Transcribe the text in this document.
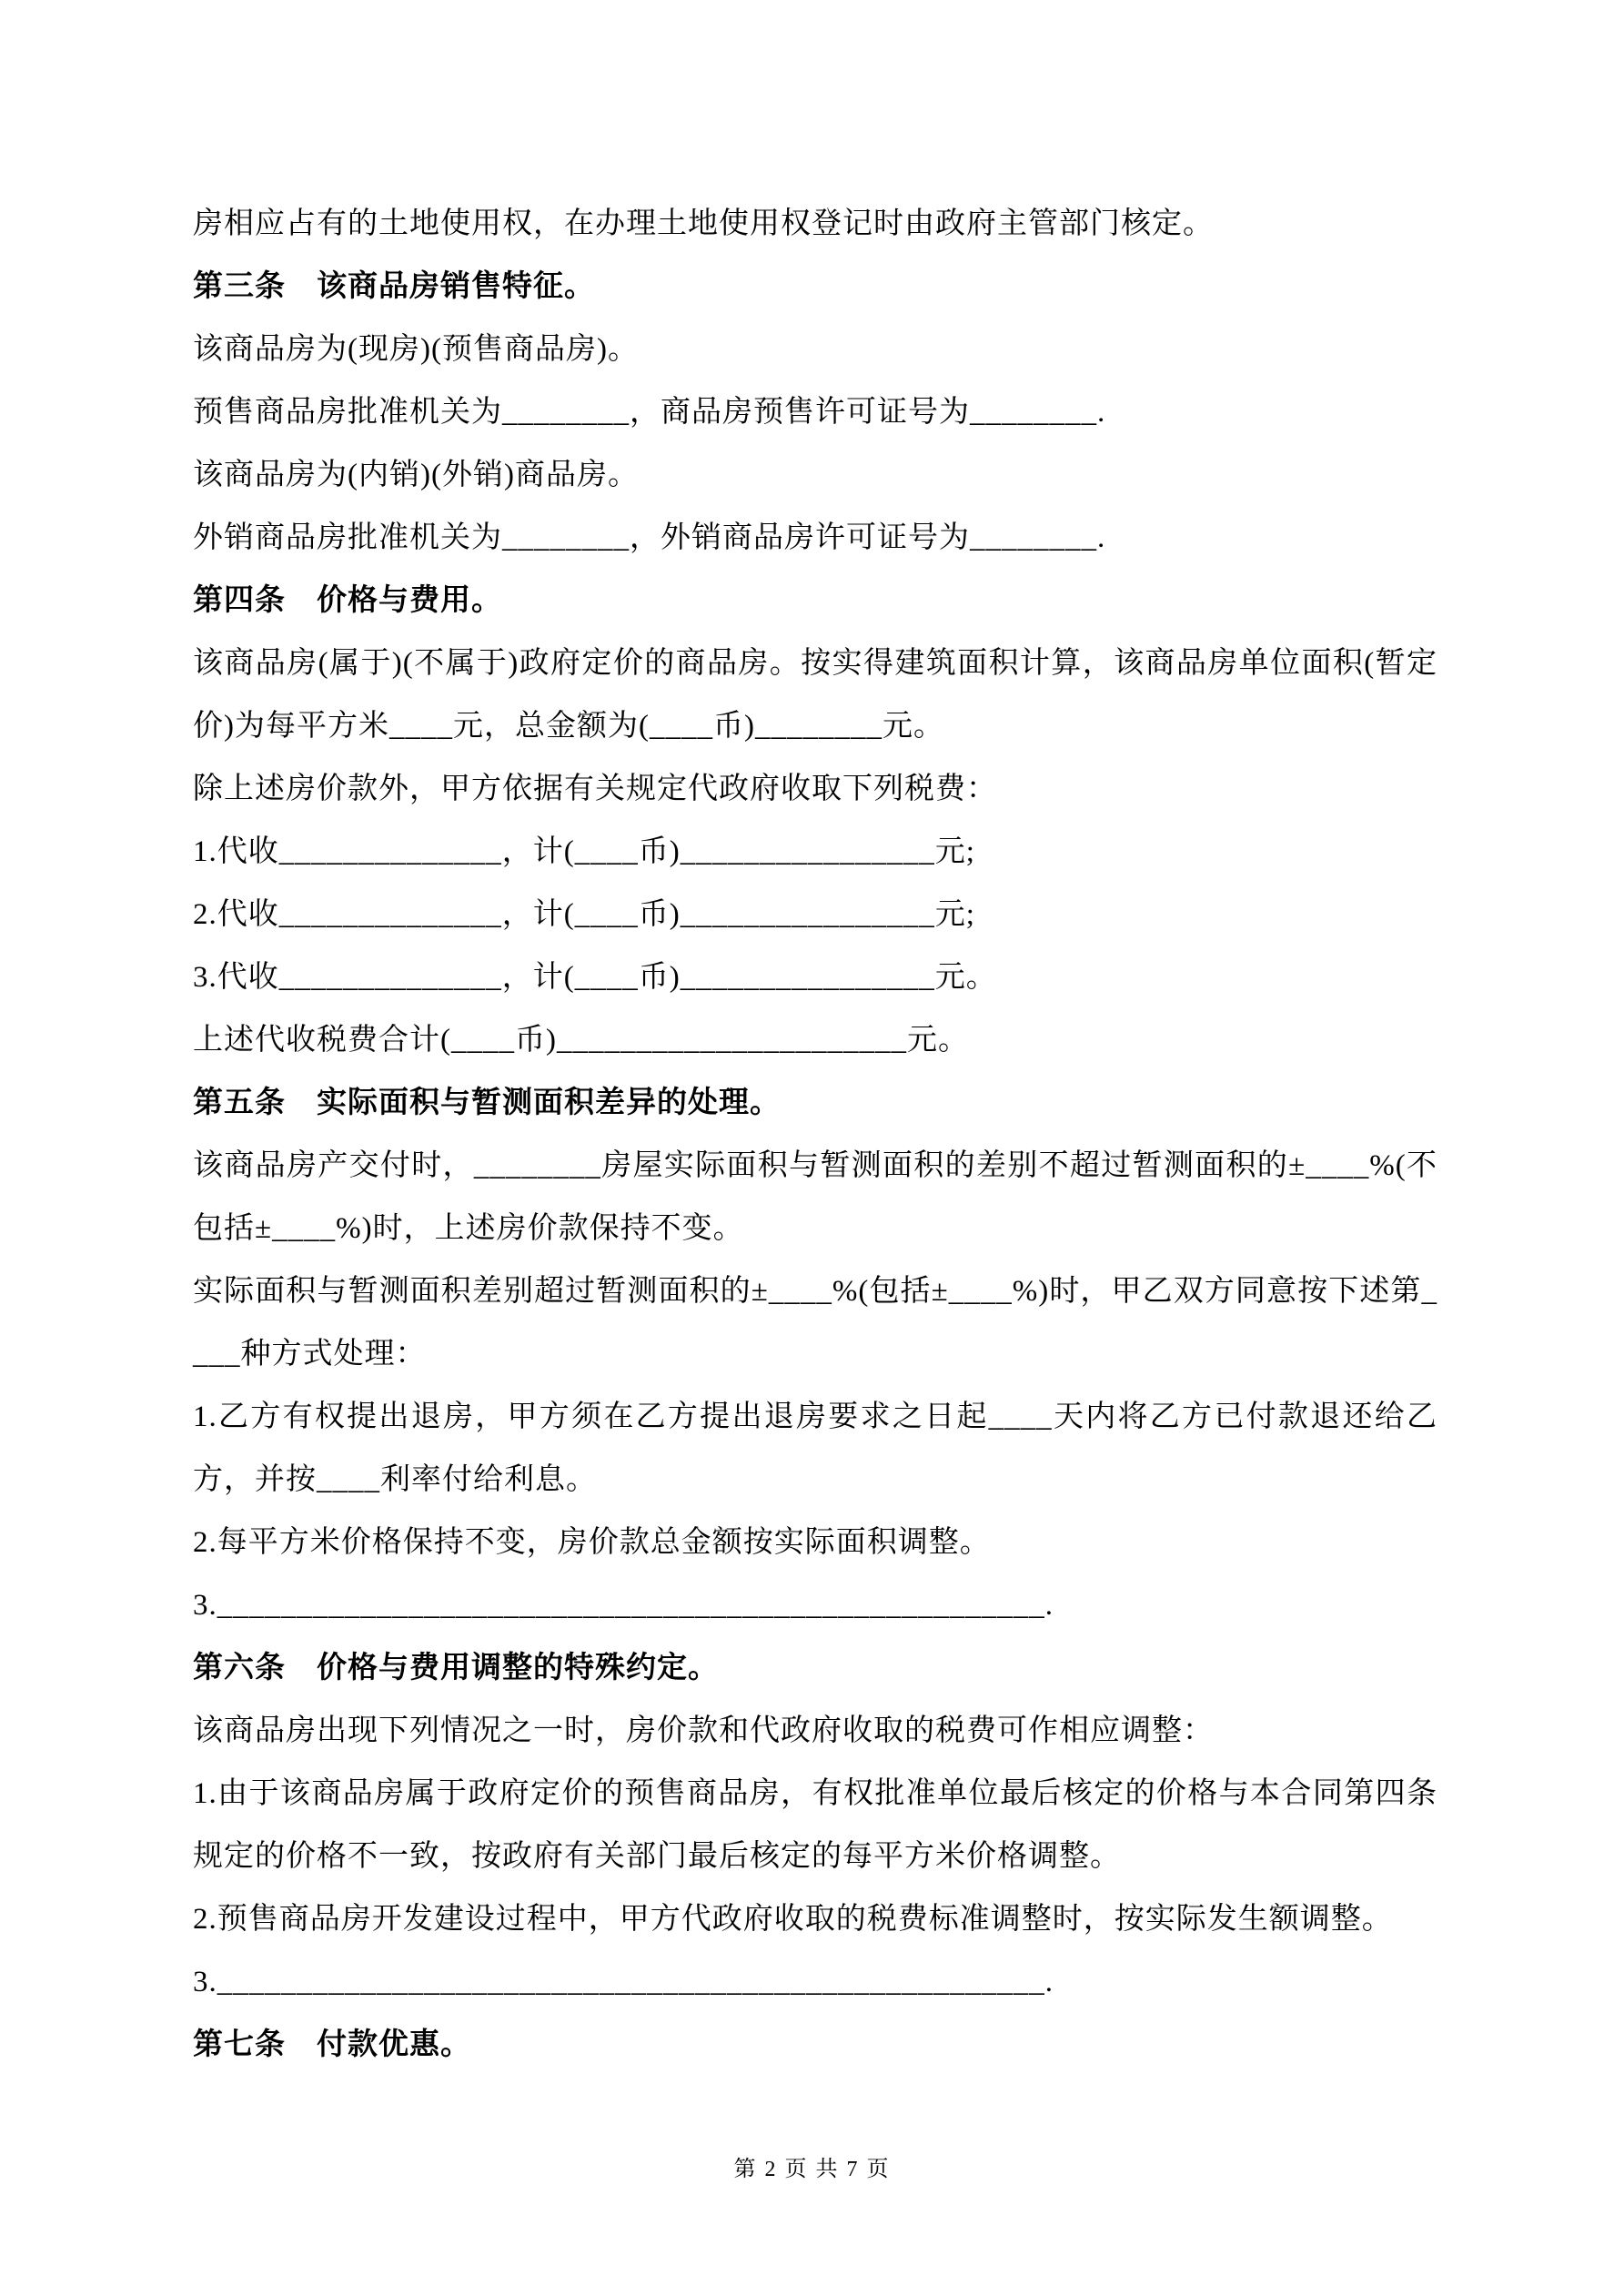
房相应占有的土地使用权，在办理土地使用权登记时由政府主管部门核定。

第三条　该商品房销售特征。

该商品房为(现房)(预售商品房)。

预售商品房批准机关为________，商品房预售许可证号为________.

该商品房为(内销)(外销)商品房。

外销商品房批准机关为________，外销商品房许可证号为________.

第四条　价格与费用。

该商品房(属于)(不属于)政府定价的商品房。按实得建筑面积计算，该商品房单位面积(暂定价)为每平方米____元，总金额为(____币)________元。

除上述房价款外，甲方依据有关规定代政府收取下列税费：

1.代收______________，计(____币)________________元;

2.代收______________，计(____币)________________元;

3.代收______________，计(____币)________________元。

上述代收税费合计(____币)______________________元。

第五条　实际面积与暂测面积差异的处理。

该商品房产交付时，________房屋实际面积与暂测面积的差别不超过暂测面积的±____%(不包括±____%)时，上述房价款保持不变。

实际面积与暂测面积差别超过暂测面积的±____%(包括±____%)时，甲乙双方同意按下述第____种方式处理：

1.乙方有权提出退房，甲方须在乙方提出退房要求之日起____天内将乙方已付款退还给乙方，并按____利率付给利息。

2.每平方米价格保持不变，房价款总金额按实际面积调整。

3.____________________________________________________.

第六条　价格与费用调整的特殊约定。

该商品房出现下列情况之一时，房价款和代政府收取的税费可作相应调整：

1.由于该商品房属于政府定价的预售商品房，有权批准单位最后核定的价格与本合同第四条规定的价格不一致，按政府有关部门最后核定的每平方米价格调整。

2.预售商品房开发建设过程中，甲方代政府收取的税费标准调整时，按实际发生额调整。

3.____________________________________________________.

第七条　付款优惠。

第 2 页 共 7 页
